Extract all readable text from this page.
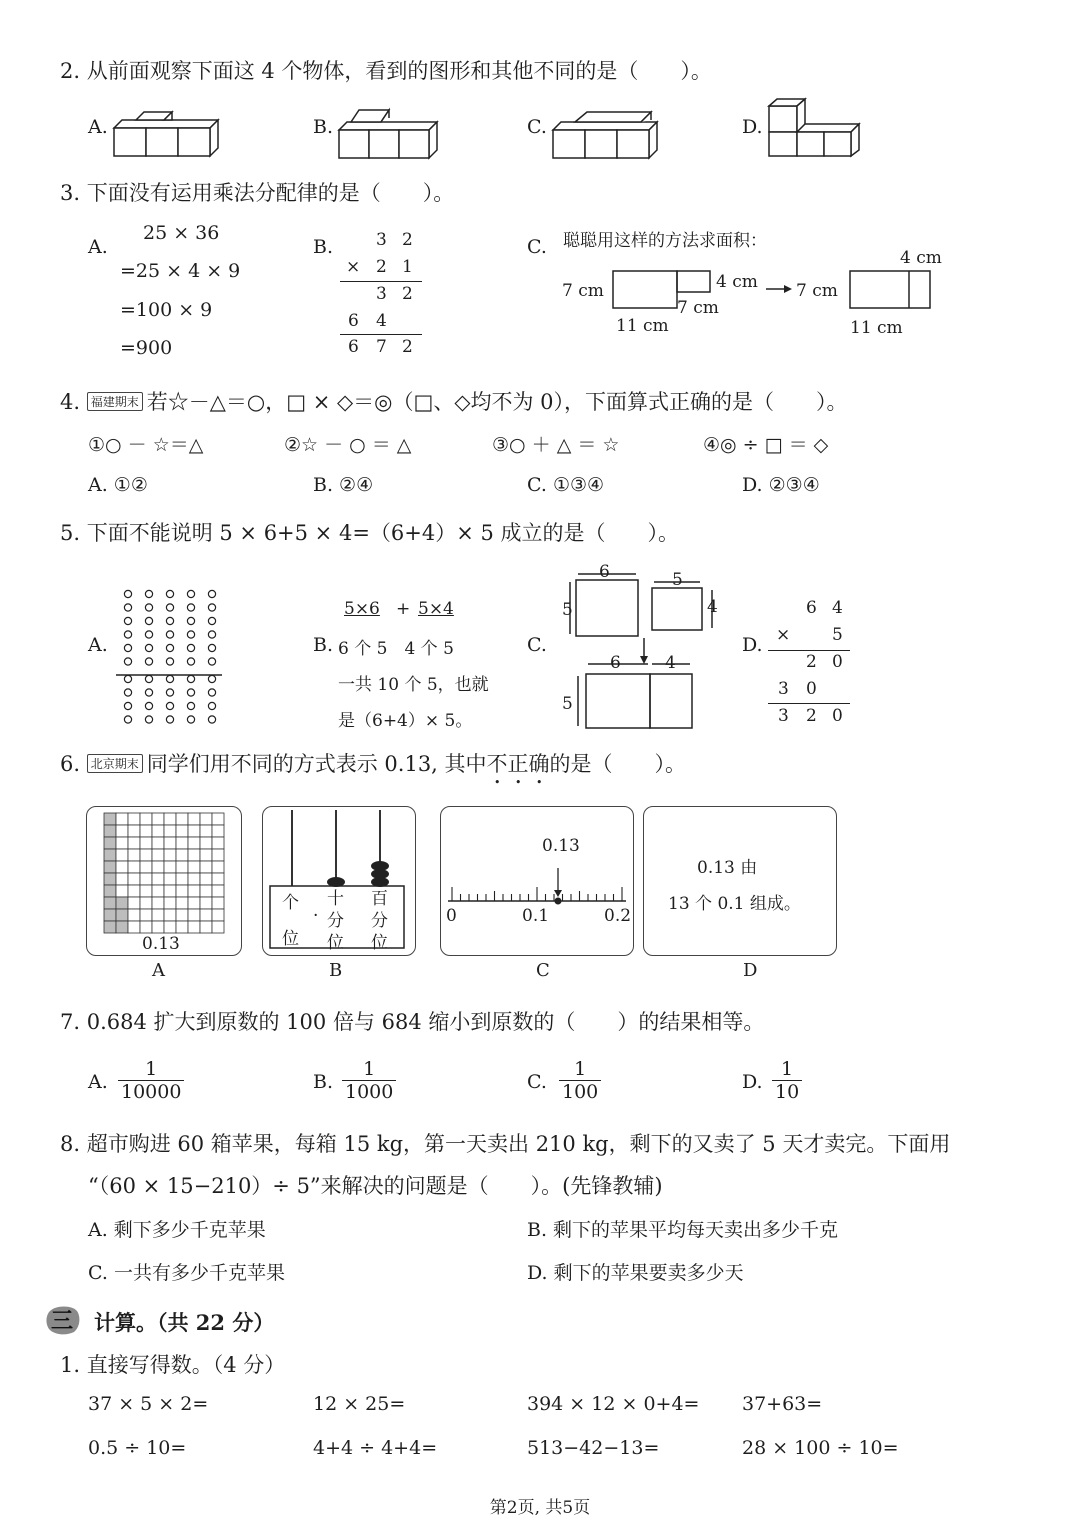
2. 从前面观察下面这 4 个物体，看到的图形和其他不同的是（　　）。
A.	B.	C.	D.
3. 下面没有运用乘法分配律的是（　　）。
A.
25 × 36
=25 × 4 × 9
=100 × 9
=900
B.	3 2
× 2 1
3 2
6 4
6 7 2
C. 聪聪用这样的方法求面积：
7 cm	4 cm
7 cm
11 cm
7 cm
4 cm
11 cm
4. 福建期末 若☆－△＝○，□ × ◇＝◎（□、◇均不为 0），下面算式正确的是（　　）。
①○ － ☆＝△	②☆ － ○ ＝ △	③○ ＋ △ ＝ ☆	④◎ ÷ □ ＝ ◇
A. ①②	B. ②④	C. ①③④	D. ②③④
5. 下面不能说明 5 × 6+5 × 4=（6+4）× 5 成立的是（　　）。
A.	B.
5×6 + 5×4
6 个 5　4 个 5
一共 10 个 5，也就
是（6+4）× 5。
C.
6
5
5
4
6	4
5
D.
6 4
× 5
2 0
3 0
3 2 0
6. 北京期末 同学们用不同的方式表示 0.13, 其中不正确的是（　　）。
0.13
A
个
位
十
· 分
位
百
分
位
B
0.13
0	0.1	0.2
C
0.13 由
13 个 0.1 组成。
D
7. 0.684 扩大到原数的 100 倍与 684 缩小到原数的（　　）的结果相等。
A. $\frac{1}{10000}$	B. $\frac{1}{1000}$	C. $\frac{1}{100}$	D. $\frac{1}{10}$
8. 超市购进 60 箱苹果，每箱 15 kg，第一天卖出 210 kg，剩下的又卖了 5 天才卖完。下面用
“（60 × 15−210）÷ 5”来解决的问题是（　　）。(先锋教辅)
A. 剩下多少千克苹果	B. 剩下的苹果平均每天卖出多少千克
C. 一共有多少千克苹果	D. 剩下的苹果要卖多少天
三 计算。（共 22 分）
1. 直接写得数。（4 分）
37 × 5 × 2=	12 × 25=	394 × 12 × 0+4= 37+63=
0.5 ÷ 10=	4+4 ÷ 4+4=	513−42−13=	28 × 100 ÷ 10=
第2页, 共5页
